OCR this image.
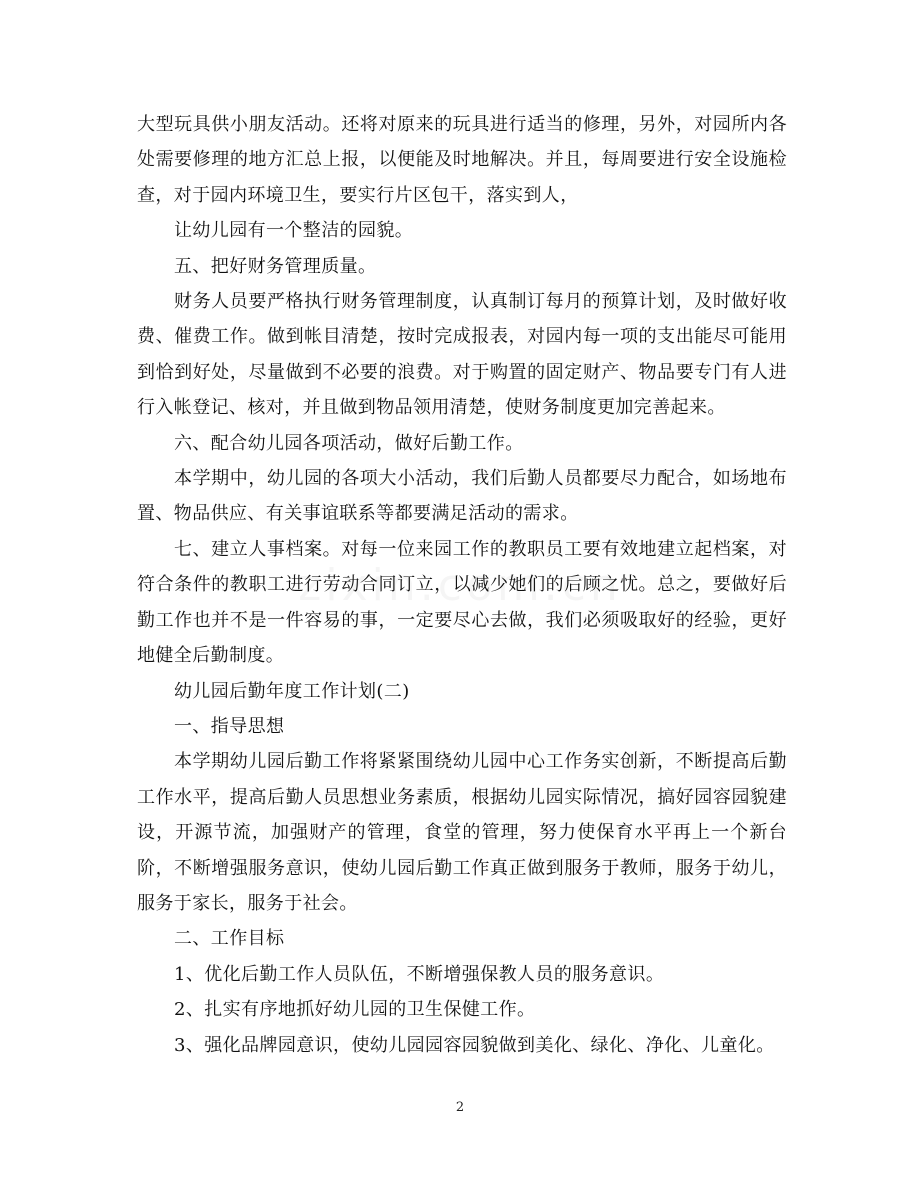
大型玩具供小朋友活动。还将对原来的玩具进行适当的修理，另外，对园所内各处需要修理的地方汇总上报，以便能及时地解决。并且，每周要进行安全设施检查，对于园内环境卫生，要实行片区包干，落实到人，

让幼儿园有一个整洁的园貌。

五、把好财务管理质量。

财务人员要严格执行财务管理制度，认真制订每月的预算计划，及时做好收费、催费工作。做到帐目清楚，按时完成报表，对园内每一项的支出能尽可能用到恰到好处，尽量做到不必要的浪费。对于购置的固定财产、物品要专门有人进行入帐登记、核对，并且做到物品领用清楚，使财务制度更加完善起来。

六、配合幼儿园各项活动，做好后勤工作。

本学期中，幼儿园的各项大小活动，我们后勤人员都要尽力配合，如场地布置、物品供应、有关事谊联系等都要满足活动的需求。

七、建立人事档案。对每一位来园工作的教职员工要有效地建立起档案，对符合条件的教职工进行劳动合同订立，以减少她们的后顾之忧。总之，要做好后勤工作也并不是一件容易的事，一定要尽心去做，我们必须吸取好的经验，更好地健全后勤制度。

幼儿园后勤年度工作计划(二)

一、指导思想

本学期幼儿园后勤工作将紧紧围绕幼儿园中心工作务实创新，不断提高后勤工作水平，提高后勤人员思想业务素质，根据幼儿园实际情况，搞好园容园貌建设，开源节流，加强财产的管理，食堂的管理，努力使保育水平再上一个新台阶，不断增强服务意识，使幼儿园后勤工作真正做到服务于教师，服务于幼儿，服务于家长，服务于社会。

二、工作目标

1、优化后勤工作人员队伍，不断增强保教人员的服务意识。

2、扎实有序地抓好幼儿园的卫生保健工作。

3、强化品牌园意识，使幼儿园园容园貌做到美化、绿化、净化、儿童化。

2
